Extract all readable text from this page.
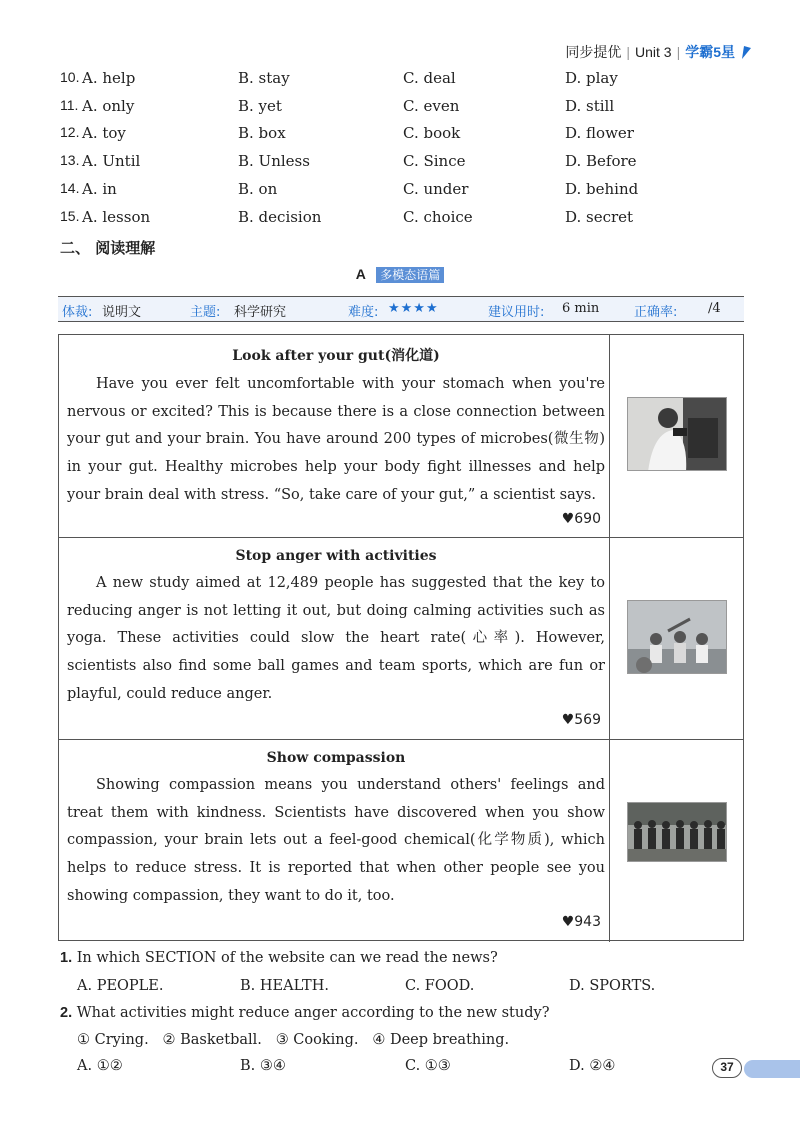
同步提优 | Unit 3 | 学霸5星
10. A. help	B. stay	C. deal	D. play
11. A. only	B. yet	C. even	D. still
12. A. toy	B. box	C. book	D. flower
13. A. Until	B. Unless	C. Since	D. Before
14. A. in	B. on	C. under	D. behind
15. A. lesson	B. decision	C. choice	D. secret
二、 阅读理解
A 多模态语篇
体裁: 说明文	主题: 科学研究	难度: ★★★★	建议用时: 6 min	正确率: /4
Look after your gut(消化道)

Have you ever felt uncomfortable with your stomach when you're nervous or excited? This is because there is a close connection between your gut and your brain. You have around 200 types of microbes(微生物) in your gut. Healthy microbes help your body fight illnesses and help your brain deal with stress. “So, take care of your gut,” a scientist says.

♥690
Stop anger with activities

A new study aimed at 12,489 people has suggested that the key to reducing anger is not letting it out, but doing calming activities such as yoga. These activities could slow the heart rate(心率). However, scientists also find some ball games and team sports, which are fun or playful, could reduce anger.

♥569
Show compassion

Showing compassion means you understand others' feelings and treat them with kindness. Scientists have discovered when you show compassion, your brain lets out a feel-good chemical(化学物质), which helps to reduce stress. It is reported that when other people see you showing compassion, they want to do it, too.

♥943
1. In which SECTION of the website can we read the news?
A. PEOPLE.	B. HEALTH.	C. FOOD.	D. SPORTS.
2. What activities might reduce anger according to the new study?
① Crying.   ② Basketball.   ③ Cooking.   ④ Deep breathing.
A. ①②	B. ③④	C. ①③	D. ②④	37
